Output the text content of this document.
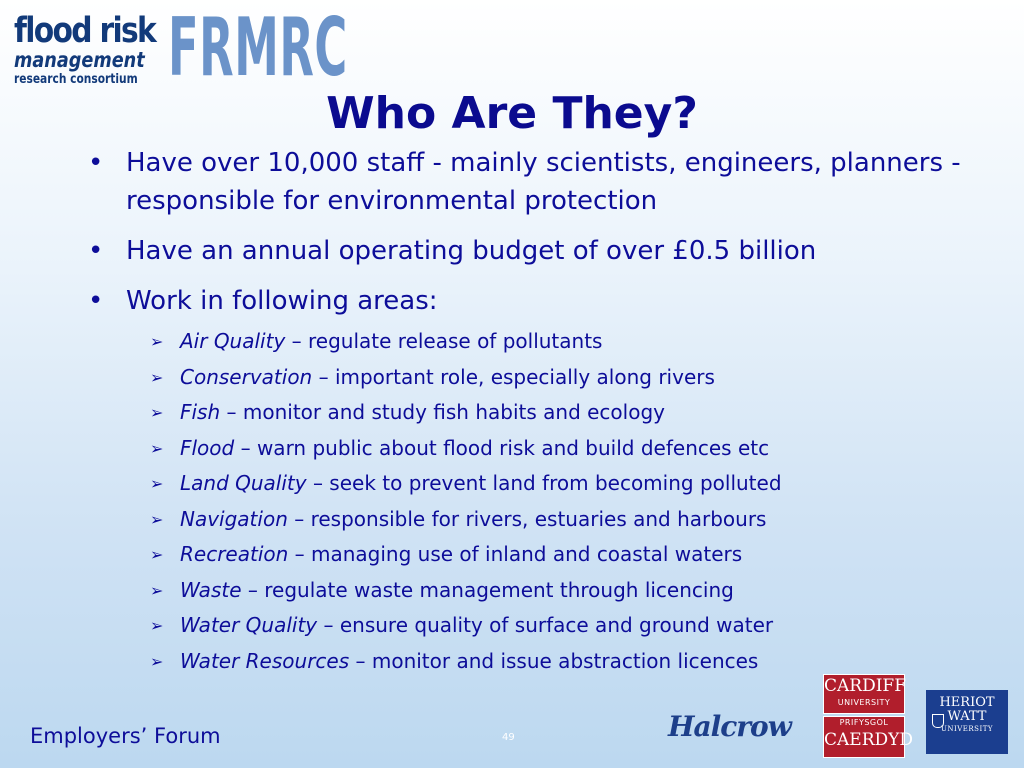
flood risk
management
research consortium FRMRC
Who Are They?
• Have over 10,000 staff - mainly scientists, engineers, planners - responsible for environmental protection
• Have an annual operating budget of over £0.5 billion
• Work in following areas:
➢ Air Quality – regulate release of pollutants
➢ Conservation – important role, especially along rivers
➢ Fish – monitor and study fish habits and ecology
➢ Flood – warn public about flood risk and build defences etc
➢ Land Quality – seek to prevent land from becoming polluted
➢ Navigation – responsible for rivers, estuaries and harbours
➢ Recreation – managing use of inland and coastal waters
➢ Waste – regulate waste management through licencing
➢ Water Quality – ensure quality of surface and ground water
➢ Water Resources – monitor and issue abstraction licences
Employers’ Forum	49	Halcrow
CARDIFF
UNIVERSITY
PRIFYSGOL
CAERDYD
HERIOT
WATT
UNIVERSITY
